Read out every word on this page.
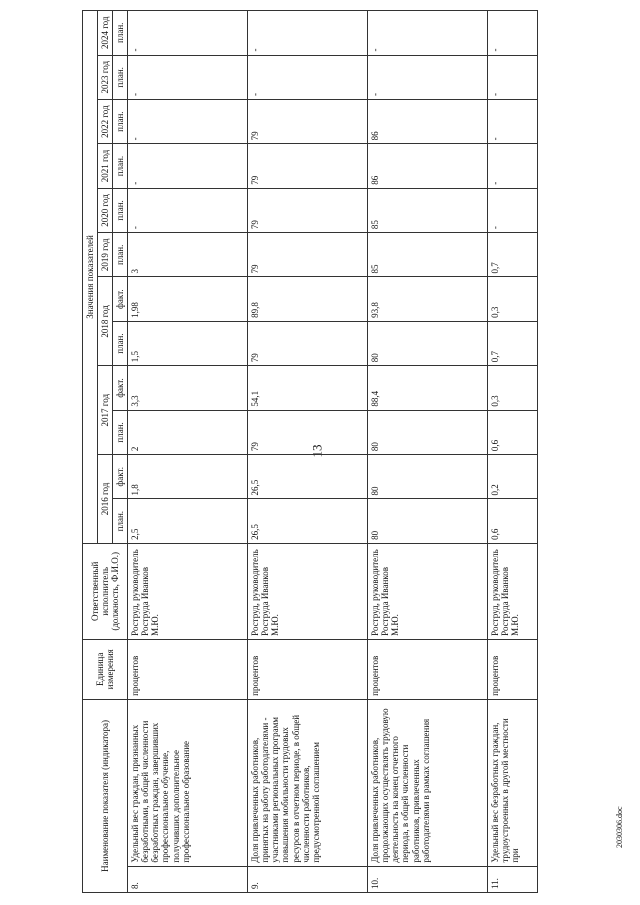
13
2030306.doc
Наименование показателя (индикатора)		Единица измерения	Ответственный исполнитель (должность, Ф.И.О.)	Значения показателей											
				2016 год		2017 год		2018 год		2019 год	2020 год	2021 год	2022 год	2023 год	2024 год
				план.	факт.	план.	факт.	план.	факт.	план.	план.	план.	план.	план.	план.
8.	Удельный вес граждан, признанных безработными, в общей численности безработных граждан, завершивших профессиональное обучение, получивших дополнительное профессиональное образование	процентов	Роструд, руководитель Роструда Иванков М.Ю.	2,5	1,8	2	3,3	1,5	1,98	3	-	-	-	-	-
9.	Доля привлеченных работников, принятых на работу работодателями - участниками региональных программ повышения мобильности трудовых ресурсов в отчетном периоде, в общей численности работников, предусмотренной соглашением	процентов	Роструд, руководитель Роструда Иванков М.Ю.	26,5	26,5	79	54,1	79	89,8	79	79	79	79	-	-
10.	Доля привлеченных работников, продолжающих осуществлять трудовую деятельность на конец отчетного периода, в общей численности работников, привлеченных работодателями в рамках соглашения	процентов	Роструд, руководитель Роструда Иванков М.Ю.	80	80	80	88,4	80	93,8	85	85	86	86	-	-
11.	Удельный вес безработных граждан, трудоустроенных в другой местности при	процентов	Роструд, руководитель Роструда Иванков М.Ю.	0,6	0,2	0,6	0,3	0,7	0,3	0,7	-	-	-	-	-
